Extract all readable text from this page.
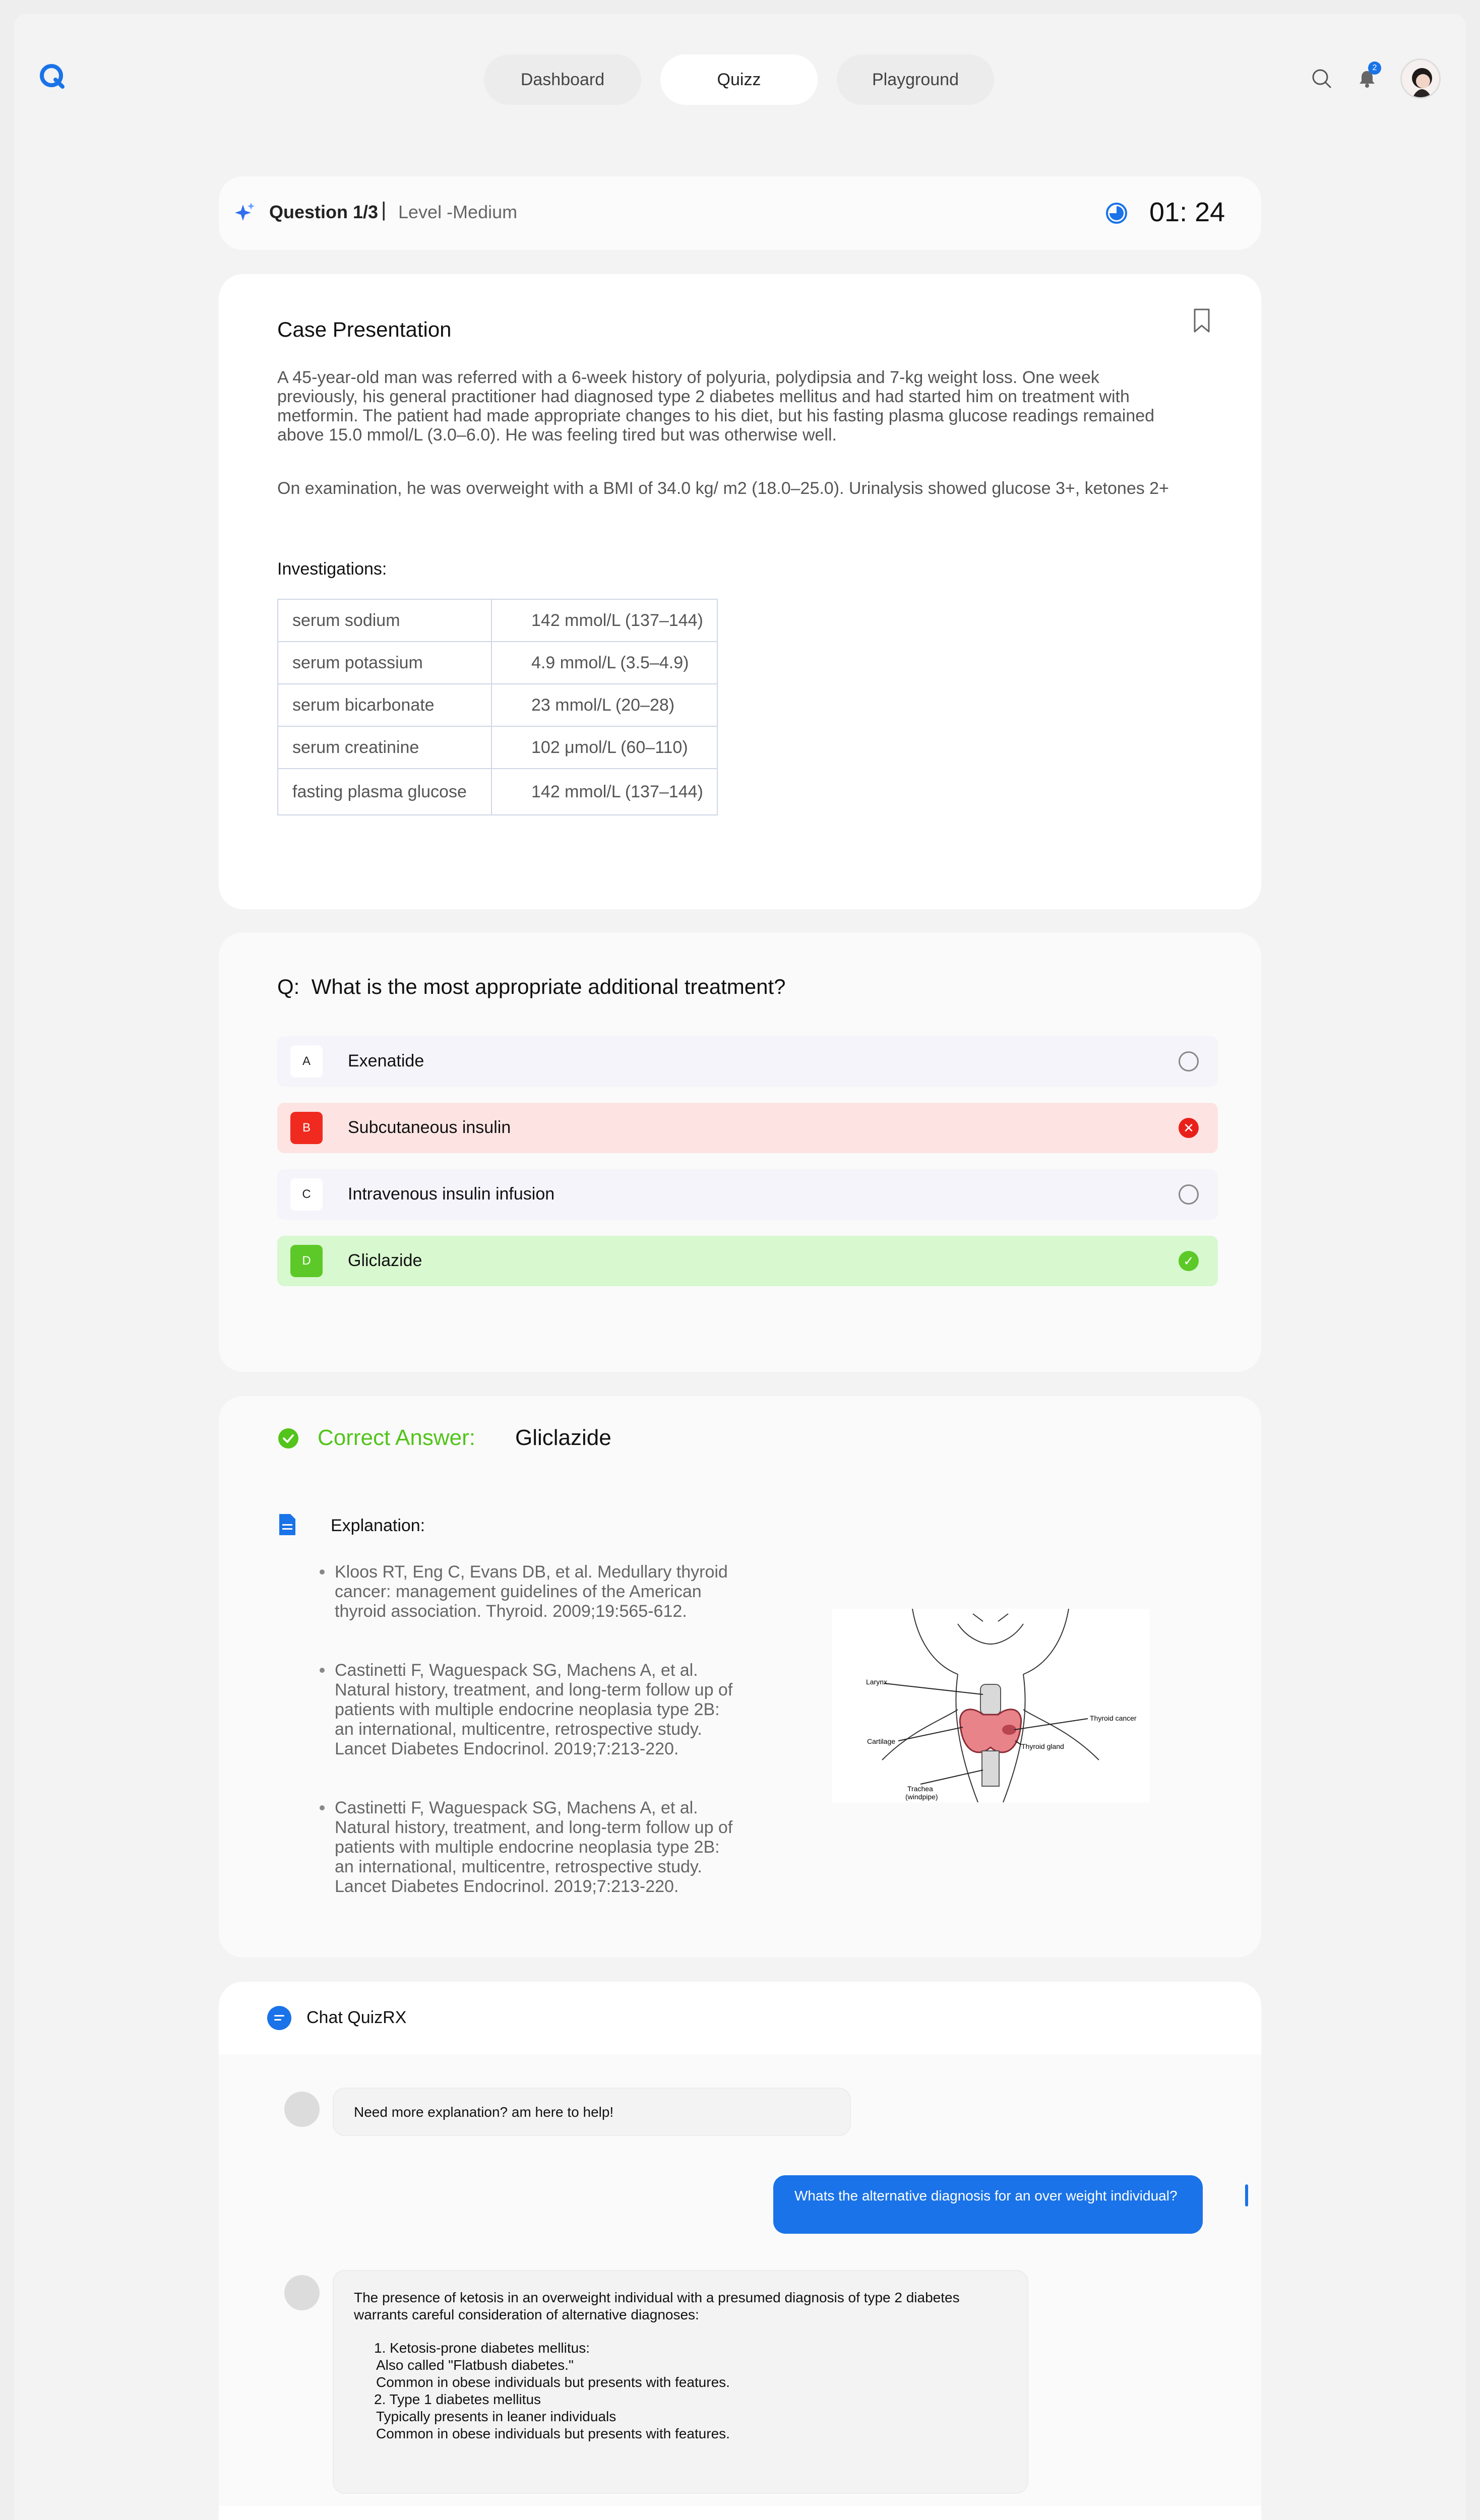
Dashboard	Quizz	Playground
2
Question 1/3 | Level -Medium	01: 24
Case Presentation

A 45-year-old man was referred with a 6-week history of polyuria, polydipsia and 7-kg weight loss. One week previously, his general practitioner had diagnosed type 2 diabetes mellitus and had started him on treatment with metformin. The patient had made appropriate changes to his diet, but his fasting plasma glucose readings remained above 15.0 mmol/L (3.0–6.0). He was feeling tired but was otherwise well.

On examination, he was overweight with a BMI of 34.0 kg/ m2 (18.0–25.0). Urinalysis showed glucose 3+, ketones 2+

Investigations:
serum sodium	142 mmol/L (137–144)
serum potassium	4.9 mmol/L (3.5–4.9)
serum bicarbonate	23 mmol/L (20–28)
serum creatinine	102 μmol/L (60–110)
fasting plasma glucose	142 mmol/L (137–144)
Q: What is the most appropriate additional treatment?
A	Exenatide
B	Subcutaneous insulin	✕
C	Intravenous insulin infusion
D	Gliclazide	✓
Correct Answer: Gliclazide
Explanation:
Kloos RT, Eng C, Evans DB, et al. Medullary thyroid cancer: management guidelines of the American thyroid association. Thyroid. 2009;19:565-612.
Castinetti F, Waguespack SG, Machens A, et al. Natural history, treatment, and long-term follow up of patients with multiple endocrine neoplasia type 2B: an international, multicentre, retrospective study. Lancet Diabetes Endocrinol. 2019;7:213-220.
Castinetti F, Waguespack SG, Machens A, et al. Natural history, treatment, and long-term follow up of patients with multiple endocrine neoplasia type 2B: an international, multicentre, retrospective study. Lancet Diabetes Endocrinol. 2019;7:213-220.
Larynx
Thyroid cancer
Cartilage
Thyroid gland
Trachea
(windpipe)
Chat QuizRX
Need more explanation? am here to help!
Whats the alternative diagnosis for an over weight individual?
The presence of ketosis in an overweight individual with a presumed diagnosis of type 2 diabetes warrants careful consideration of alternative diagnoses:
1. Ketosis-prone diabetes mellitus:
Also called "Flatbush diabetes."
Common in obese individuals but presents with features.
2. Type 1 diabetes mellitus
Typically presents in leaner individuals
Common in obese individuals but presents with features.
